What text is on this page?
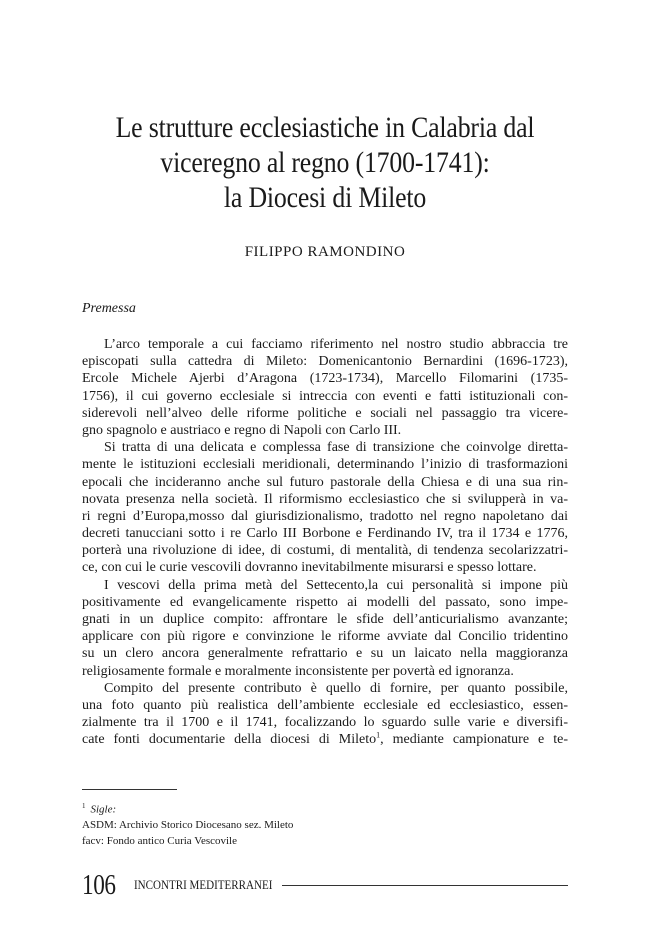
Le strutture ecclesiastiche in Calabria dal
viceregno al regno (1700-1741):
la Diocesi di Mileto
FILIPPO RAMONDINO
Premessa
L’arco temporale a cui facciamo riferimento nel nostro studio abbraccia tre
episcopati sulla cattedra di Mileto: Domenicantonio Bernardini (1696-1723),
Ercole Michele Ajerbi d’Aragona (1723-1734), Marcello Filomarini (1735-
1756), il cui governo ecclesiale si intreccia con eventi e fatti istituzionali con-
siderevoli nell’alveo delle riforme politiche e sociali nel passaggio tra vicere-
gno spagnolo e austriaco e regno di Napoli con Carlo III.
Si tratta di una delicata e complessa fase di transizione che coinvolge diretta-
mente le istituzioni ecclesiali meridionali, determinando l’inizio di trasformazioni
epocali che incideranno anche sul futuro pastorale della Chiesa e di una sua rin-
novata presenza nella società. Il riformismo ecclesiastico che si svilupperà in va-
ri regni d’Europa,mosso dal giurisdizionalismo, tradotto nel regno napoletano dai
decreti tanucciani sotto i re Carlo III Borbone e Ferdinando IV, tra il 1734 e 1776,
porterà una rivoluzione di idee, di costumi, di mentalità, di tendenza secolarizzatri-
ce, con cui le curie vescovili dovranno inevitabilmente misurarsi e spesso lottare.
I vescovi della prima metà del Settecento,la cui personalità si impone più
positivamente ed evangelicamente rispetto ai modelli del passato, sono impe-
gnati in un duplice compito: affrontare le sfide dell’anticurialismo avanzante;
applicare con più rigore e convinzione le riforme avviate dal Concilio tridentino
su un clero ancora generalmente refrattario e su un laicato nella maggioranza
religiosamente formale e moralmente inconsistente per povertà ed ignoranza.
Compito del presente contributo è quello di fornire, per quanto possibile,
una foto quanto più realistica dell’ambiente ecclesiale ed ecclesiastico, essen-
zialmente tra il 1700 e il 1741, focalizzando lo sguardo sulle varie e diversifi-
cate fonti documentarie della diocesi di Mileto$^1$, mediante campionature e te-
$^1$ Sigle:
ASDM: Archivio Storico Diocesano sez. Mileto
facv: Fondo antico Curia Vescovile
106	INCONTRI MEDITERRANEI
